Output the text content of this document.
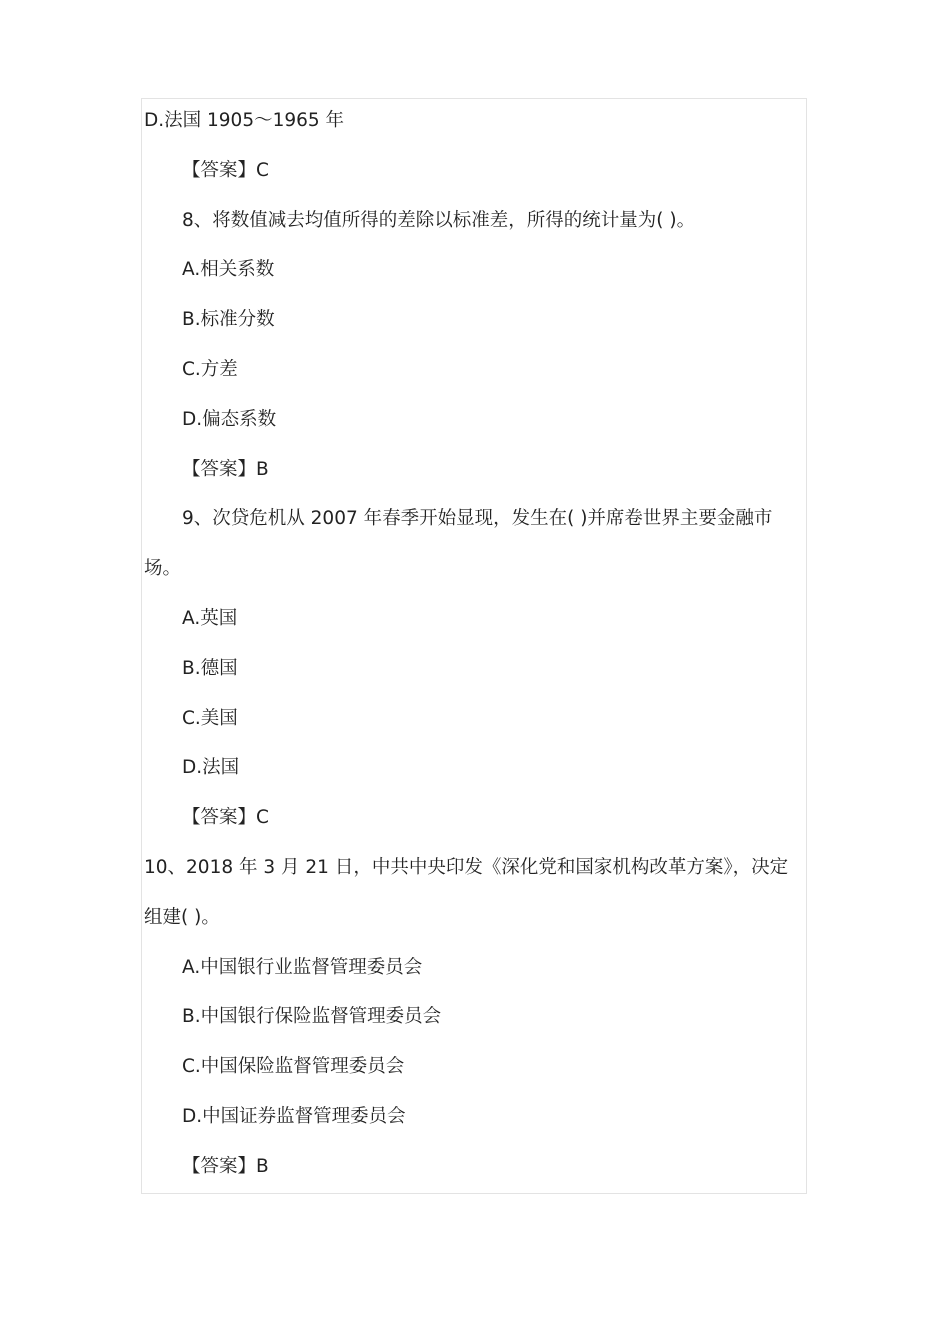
D.法国 1905～1965 年
【答案】C
8、将数值减去均值所得的差除以标准差，所得的统计量为( )。
A.相关系数
B.标准分数
C.方差
D.偏态系数
【答案】B
9、次贷危机从 2007 年春季开始显现，发生在( )并席卷世界主要金融市
场。
A.英国
B.德国
C.美国
D.法国
【答案】C
10、2018 年 3 月 21 日，中共中央印发《深化党和国家机构改革方案》，决定
组建( )。
A.中国银行业监督管理委员会
B.中国银行保险监督管理委员会
C.中国保险监督管理委员会
D.中国证券监督管理委员会
【答案】B
